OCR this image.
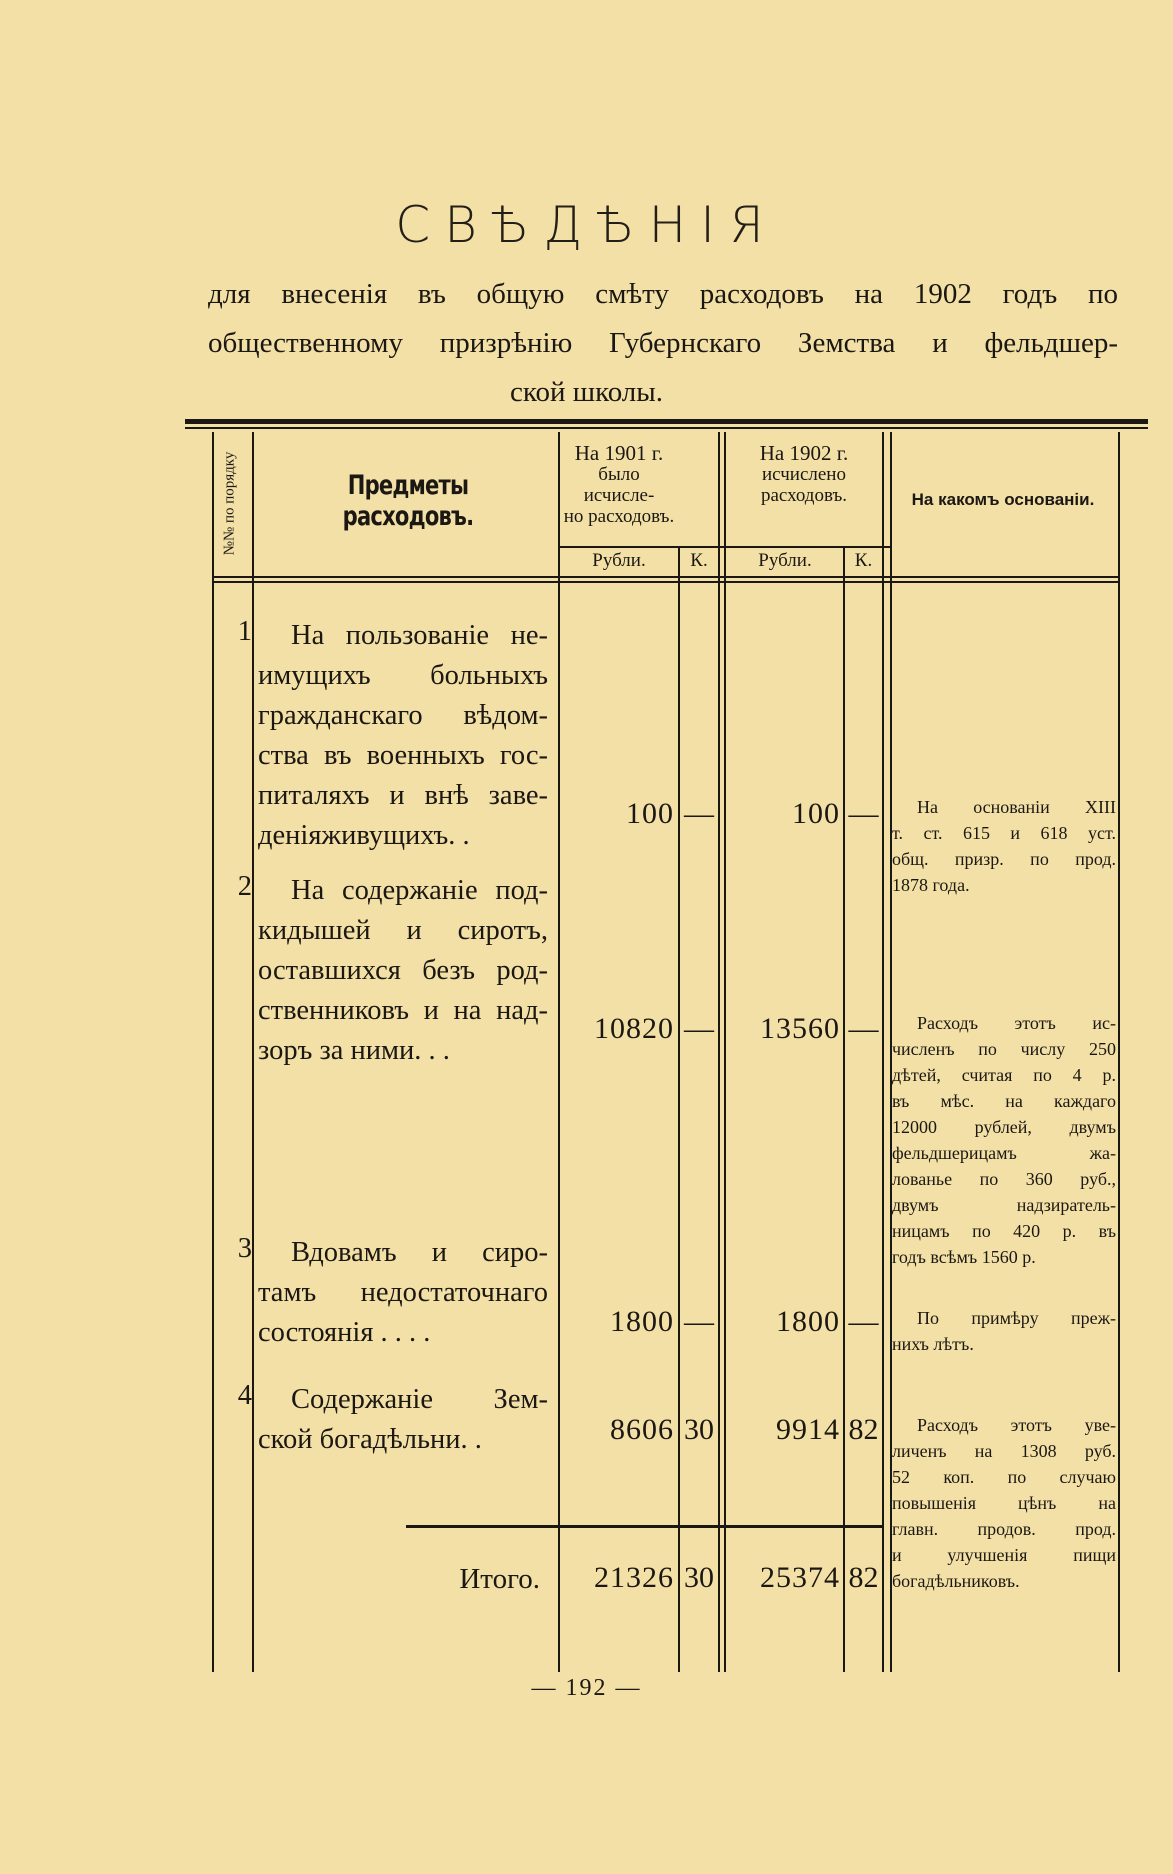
СВѢДѢНІЯ
для внесенія въ общую смѣту расходовъ на 1902 годъ по
общественному призрѣнію Губернскаго Земства и фельдшер-
ской школы.
№№ по порядку	Предметы расходовъ.
На 1901 г.
было исчисле-
но расходовъ.
На 1902 г.
исчислено
расходовъ.
Рубли.	К.	Рубли.	К.
На какомъ основаніи.
1	На пользованіе не-
имущихъ больныхъ
гражданскаго вѣдом-
ства въ военныхъ гос-
питаляхъ и внѣ заве-
деніяживущихъ. .
100 —	100 —	На основаніи XIII
т. ст. 615 и 618 уст.
общ. призр. по прод.
1878 года.
2	На содержаніе под-
кидышей и сиротъ,
оставшихся безъ род-
ственниковъ и на над-
зоръ за ними. . .
10820 —	13560 —	Расходъ этотъ ис-
численъ по числу 250
дѣтей, считая по 4 р.
въ мѣс. на каждаго
12000 рублей, двумъ
фельдшерицамъ жа-
лованье по 360 руб.,
двумъ надзиратель-
ницамъ по 420 р. въ
годъ всѣмъ 1560 р.
3	Вдовамъ и сиро-
тамъ недостаточнаго
состоянія . . . .	1800 —	1800 —	По примѣру преж-
нихъ лѣтъ.
4	Содержаніе Зем-
ской богадѣльни. .	8606 30	9914 82	Расходъ этотъ уве-
личенъ на 1308 руб.
52 коп. по случаю
повышенія цѣнъ на
главн. продов. прод.
и улучшенія пищи
богадѣльниковъ.
Итого.	21326 30	25374 82
— 192 —
